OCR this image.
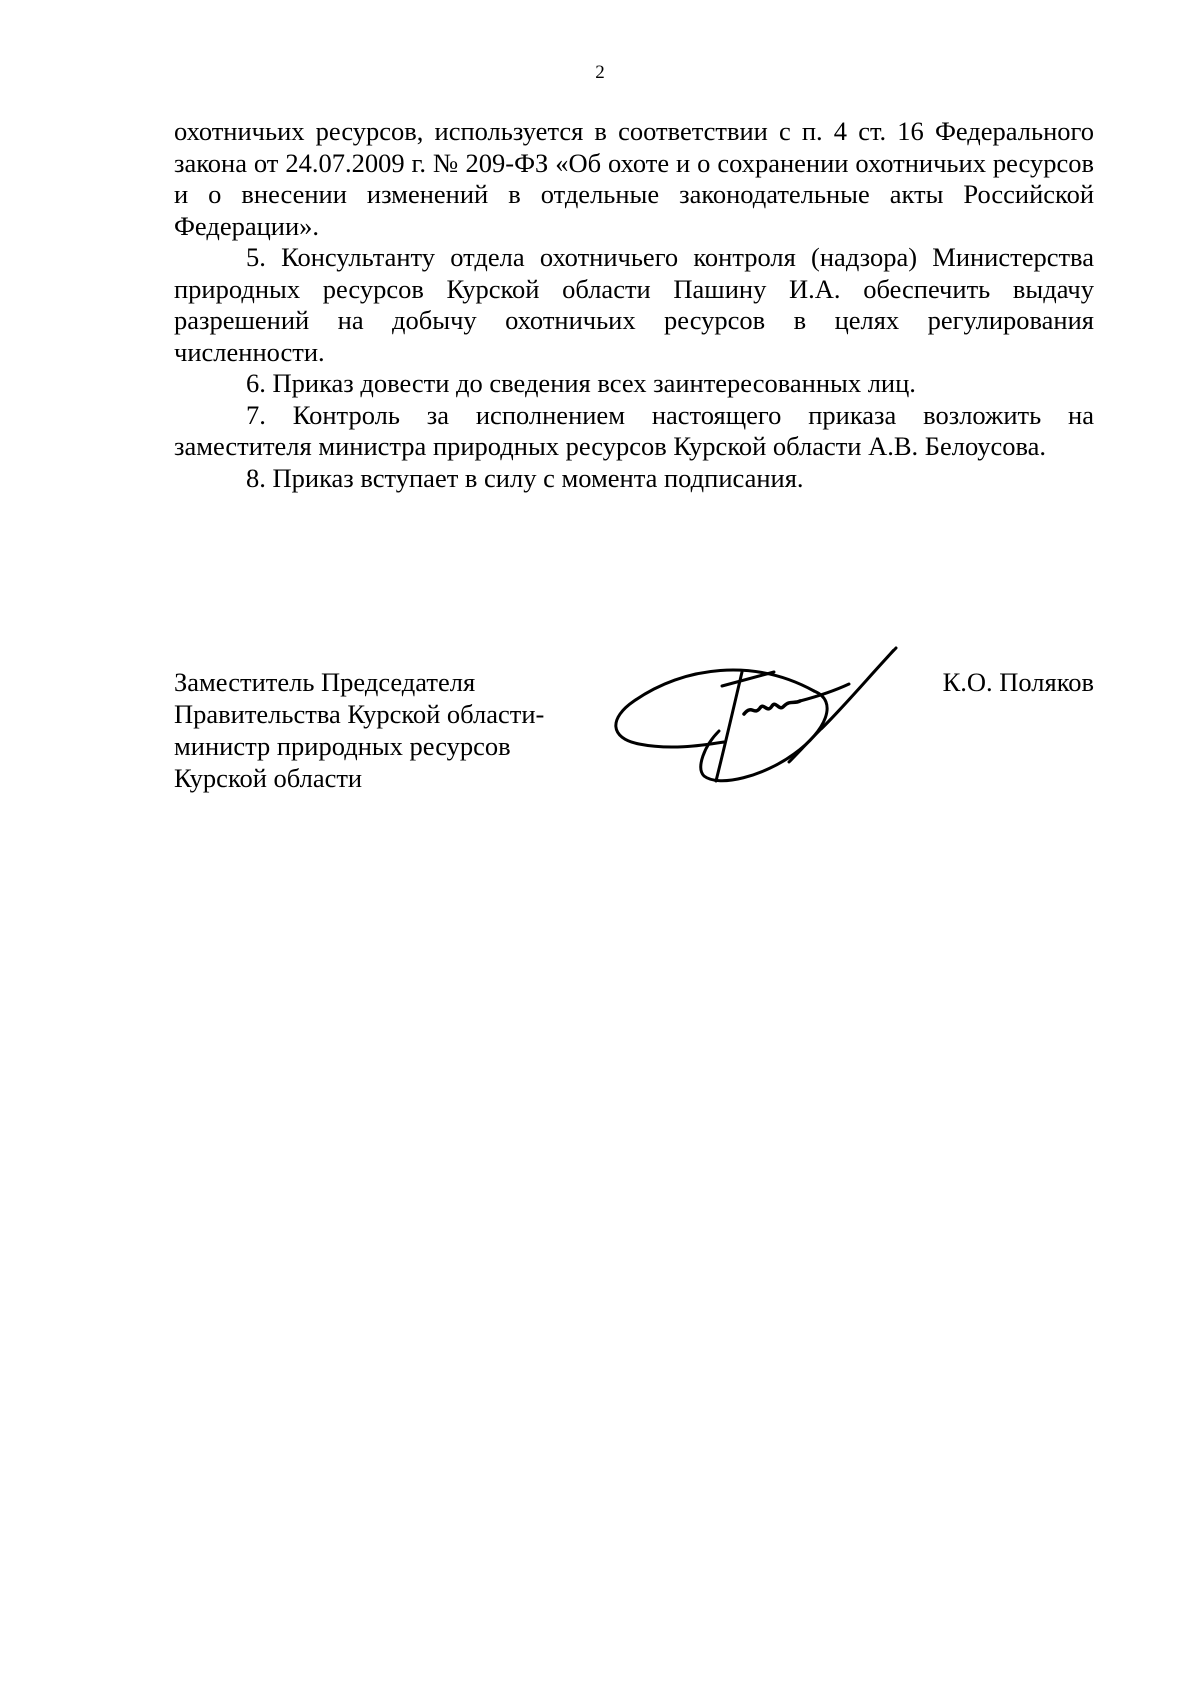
2

охотничьих ресурсов, используется в соответствии с п. 4 ст. 16 Федерального закона от 24.07.2009 г. № 209-ФЗ «Об охоте и о сохранении охотничьих ресурсов и о внесении изменений в отдельные законодательные акты Российской Федерации».

5. Консультанту отдела охотничьего контроля (надзора) Министерства природных ресурсов Курской области Пашину И.А. обеспечить выдачу разрешений на добычу охотничьих ресурсов в целях регулирования численности.

6. Приказ довести до сведения всех заинтересованных лиц.

7. Контроль за исполнением настоящего приказа возложить на заместителя министра природных ресурсов Курской области А.В. Белоусова.

8. Приказ вступает в силу с момента подписания.

Заместитель Председателя
Правительства Курской области-
министр природных ресурсов
Курской области
К.О. Поляков
